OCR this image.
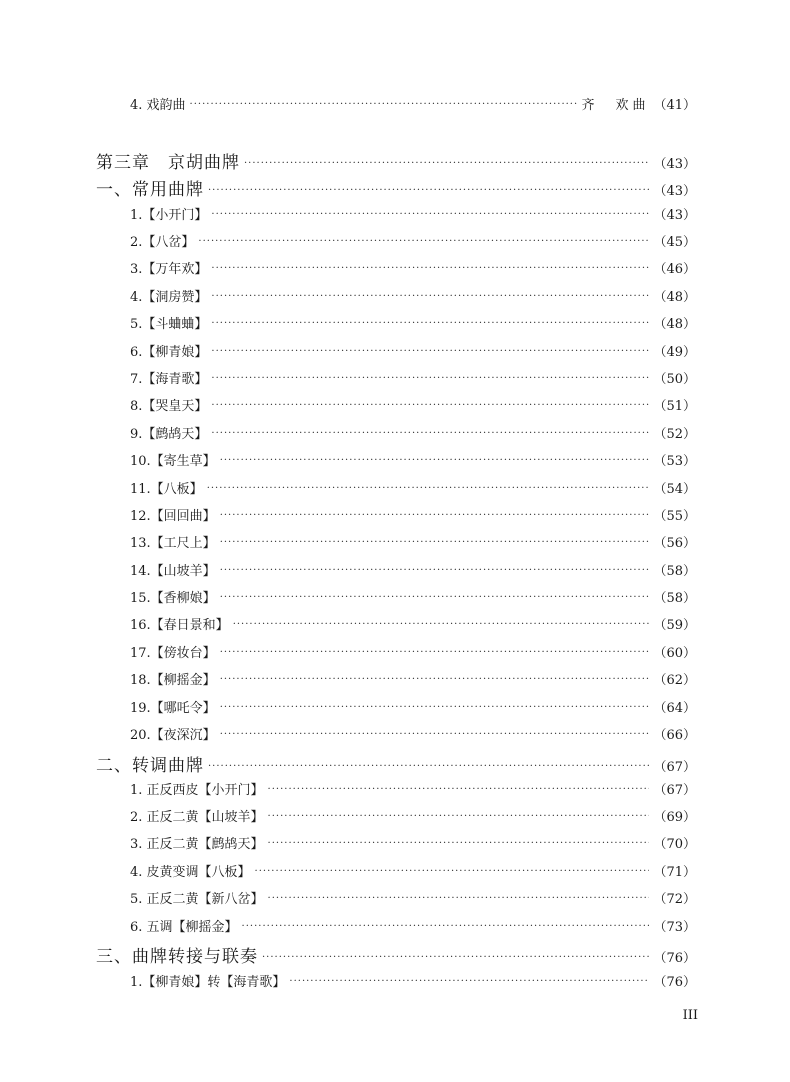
4. 戏韵曲 ·····	齐　欢曲 （41）
第三章　京胡曲牌 ·····	（43）
一、常用曲牌 ·····	（43）
1.【小开门】 ·····	（43）
2.【八岔】 ·····	（45）
3.【万年欢】 ·····	（46）
4.【洞房赞】 ·····	（48）
5.【斗蛐蛐】 ·····	（48）
6.【柳青娘】 ·····	（49）
7.【海青歌】 ·····	（50）
8.【哭皇天】 ·····	（51）
9.【鹧鸪天】 ·····	（52）
10.【寄生草】 ·····	（53）
11.【八板】 ·····	（54）
12.【回回曲】 ·····	（55）
13.【工尺上】 ·····	（56）
14.【山坡羊】 ·····	（58）
15.【香柳娘】 ·····	（58）
16.【春日景和】 ·····	（59）
17.【傍妆台】 ·····	（60）
18.【柳摇金】 ·····	（62）
19.【哪吒令】 ·····	（64）
20.【夜深沉】 ·····	（66）
二、转调曲牌 ·····	（67）
1. 正反西皮【小开门】 ·····	（67）
2. 正反二黄【山坡羊】 ·····	（69）
3. 正反二黄【鹧鸪天】 ·····	（70）
4. 皮黄变调【八板】 ·····	（71）
5. 正反二黄【新八岔】 ·····	（72）
6. 五调【柳摇金】 ·····	（73）
三、曲牌转接与联奏 ·····	（76）
1.【柳青娘】转【海青歌】 ·····	（76）
III
